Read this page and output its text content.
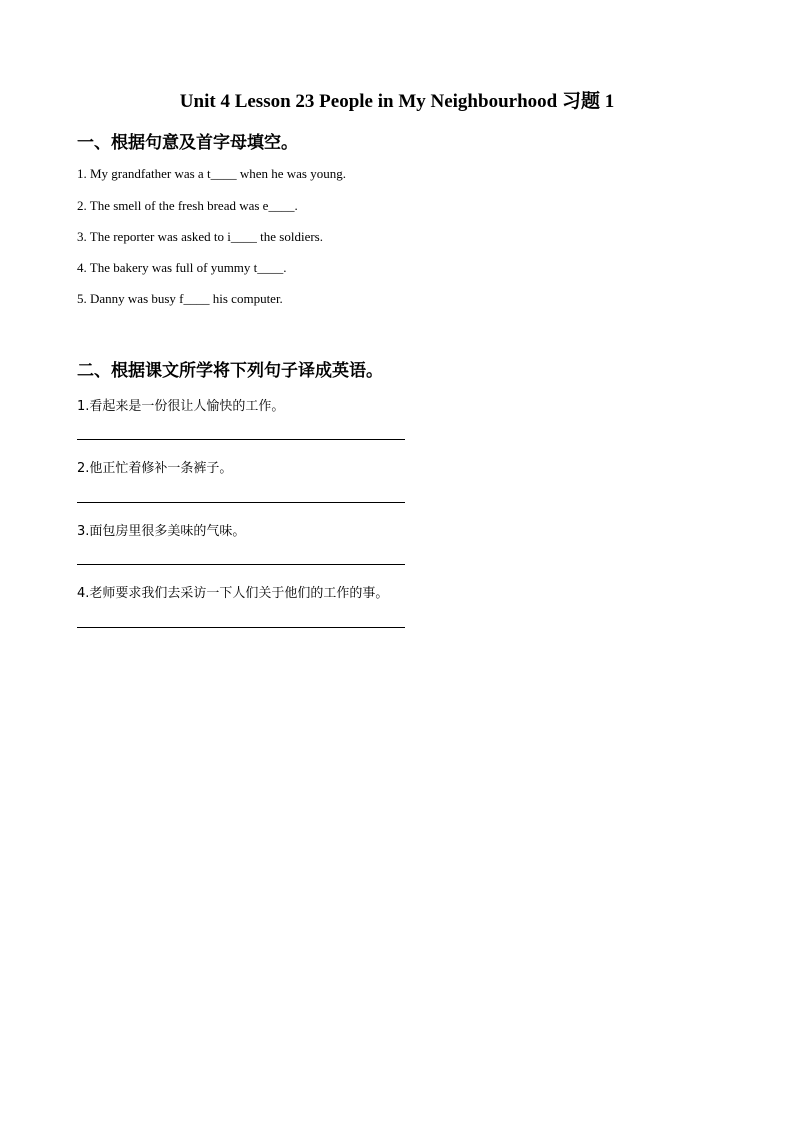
Unit 4 Lesson 23 People in My Neighbourhood 习题 1
一、根据句意及首字母填空。
1. My grandfather was a t____ when he was young.
2. The smell of the fresh bread was e____.
3. The reporter was asked to i____ the soldiers.
4. The bakery was full of yummy t____.
5. Danny was busy f____ his computer.
二、根据课文所学将下列句子译成英语。
1.看起来是一份很让人愉快的工作。
2.他正忙着修补一条裤子。
3.面包房里很多美味的气味。
4.老师要求我们去采访一下人们关于他们的工作的事。
